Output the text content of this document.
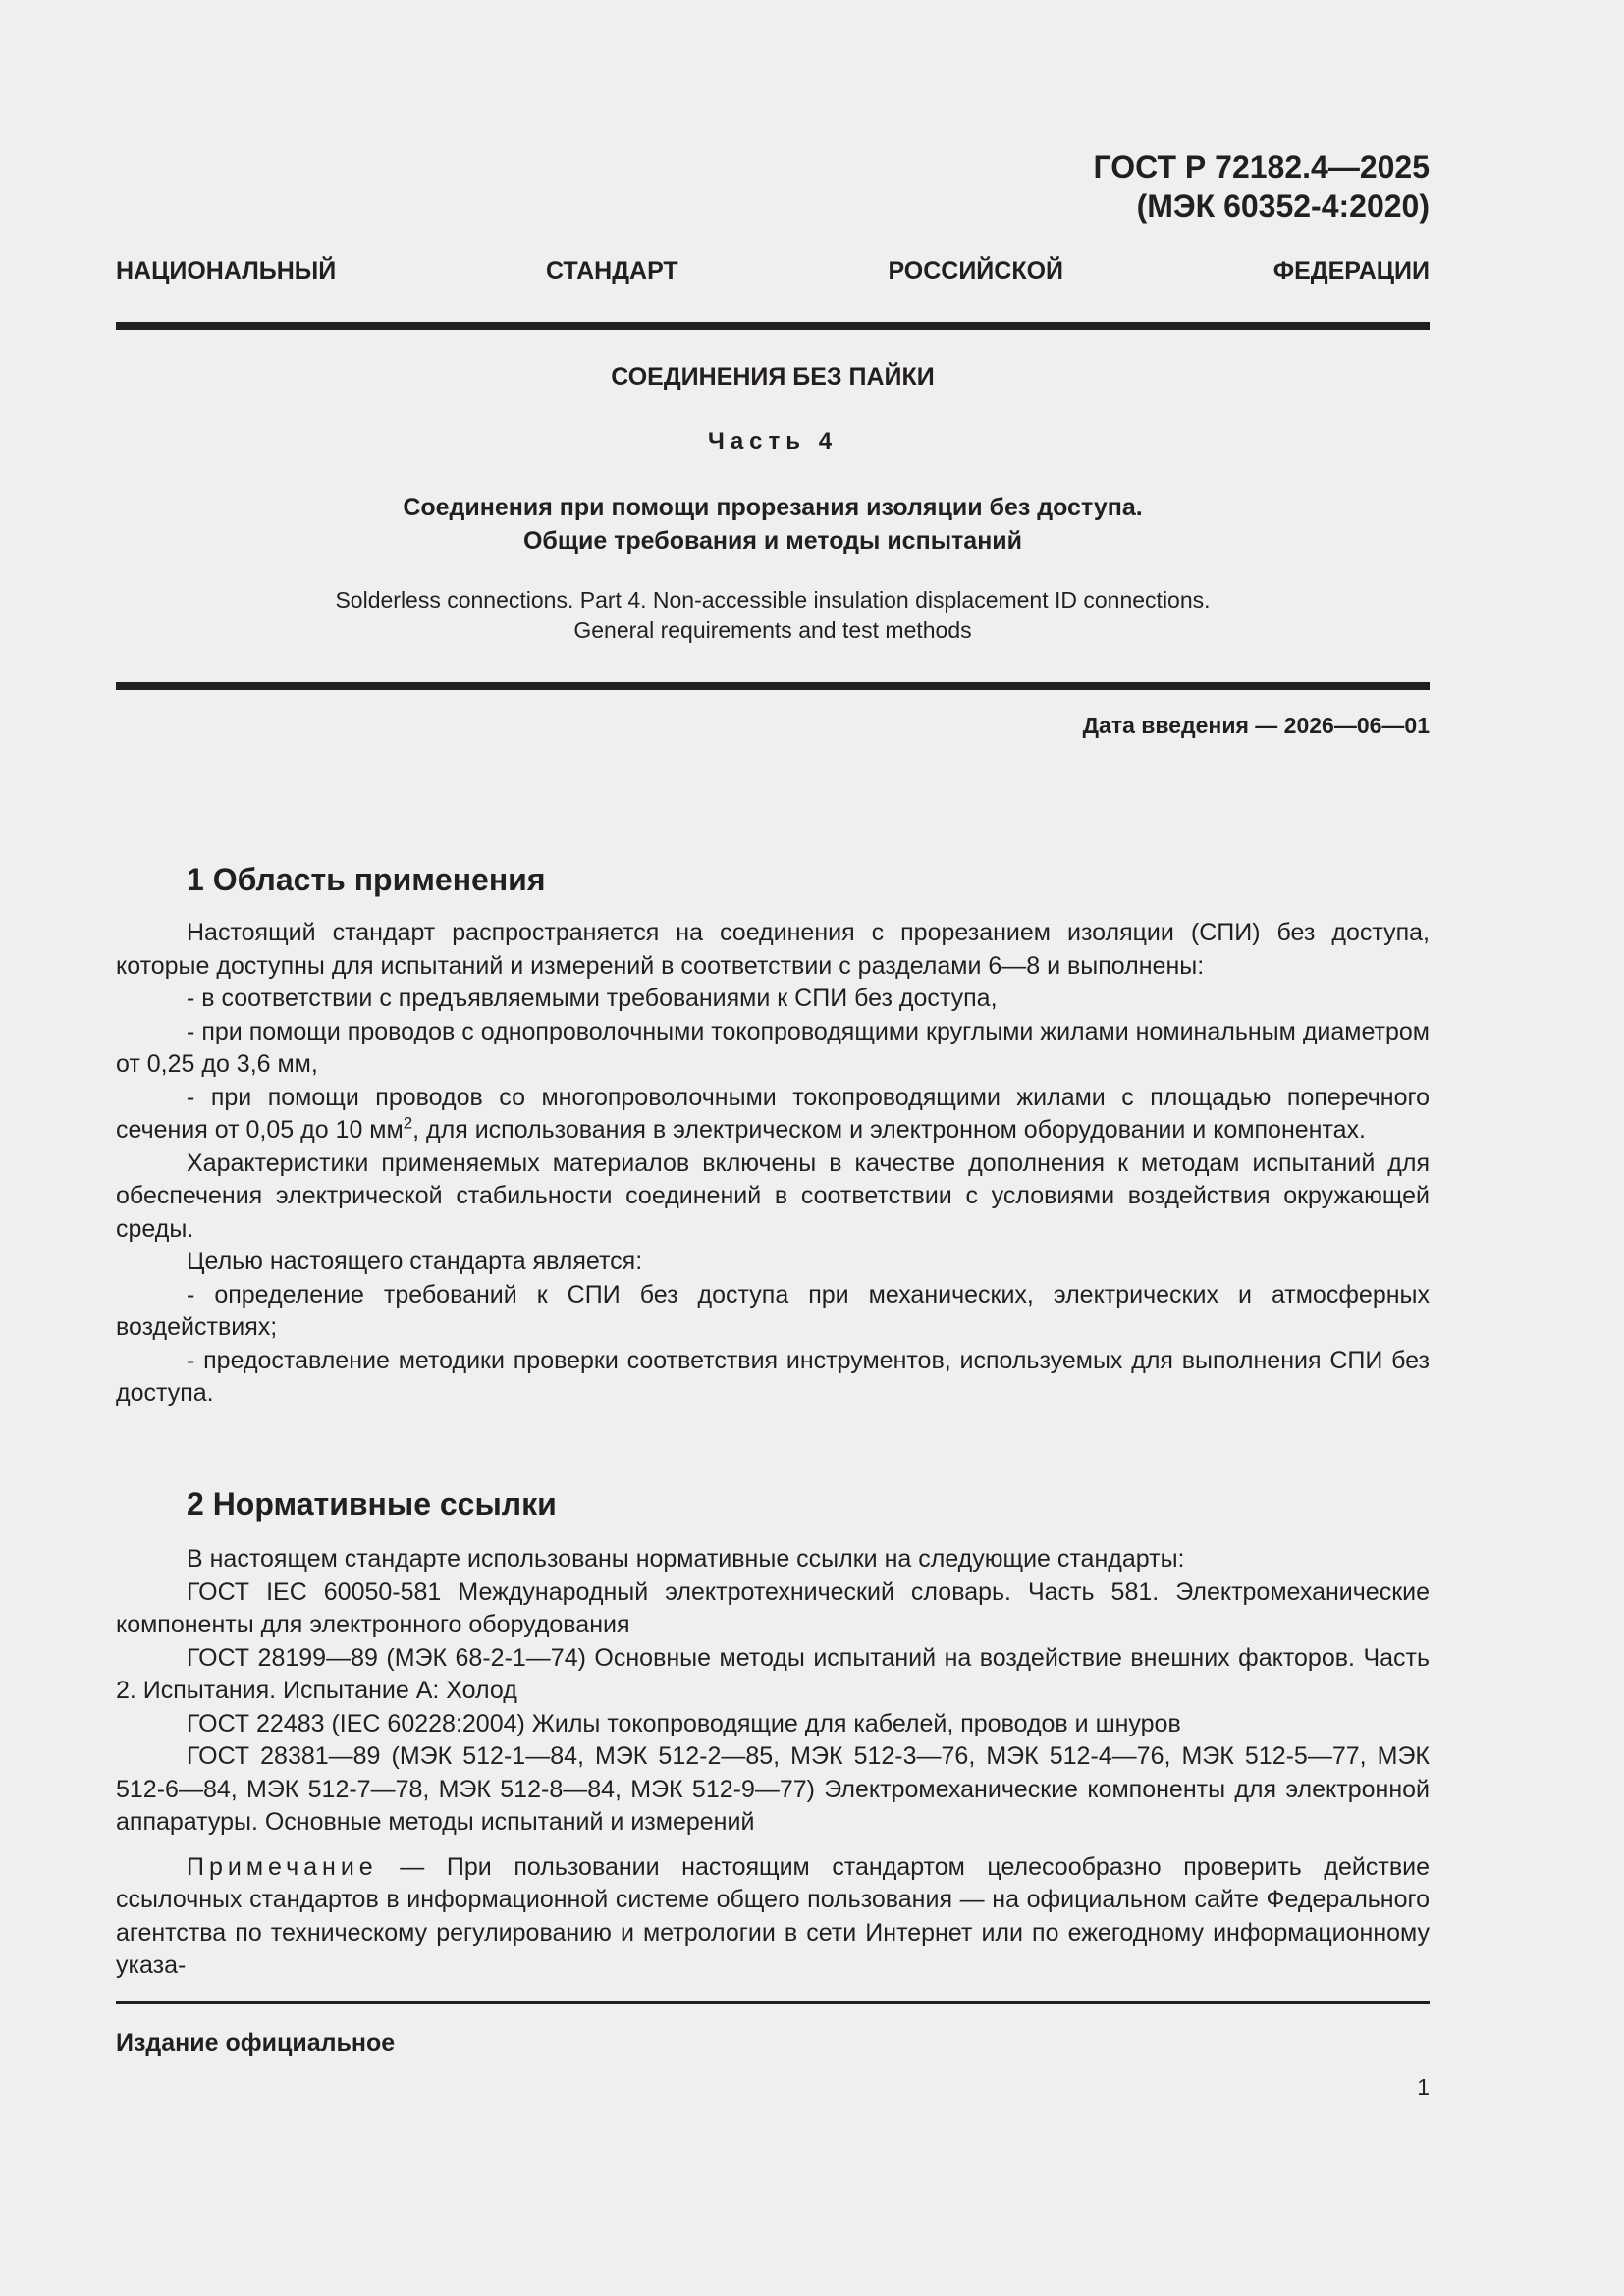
ГОСТ Р 72182.4—2025
(МЭК 60352-4:2020)
НАЦИОНАЛЬНЫЙ	СТАНДАРТ	РОССИЙСКОЙ	ФЕДЕРАЦИИ
СОЕДИНЕНИЯ БЕЗ ПАЙКИ
Часть 4
Соединения при помощи прорезания изоляции без доступа.
Общие требования и методы испытаний
Solderless connections. Part 4. Non-accessible insulation displacement ID connections.
General requirements and test methods
Дата введения — 2026—06—01
1 Область применения

Настоящий стандарт распространяется на соединения с прорезанием изоляции (СПИ) без доступа, которые доступны для испытаний и измерений в соответствии с разделами 6—8 и выполнены:

- в соответствии с предъявляемыми требованиями к СПИ без доступа,

- при помощи проводов с однопроволочными токопроводящими круглыми жилами номинальным диаметром от 0,25 до 3,6 мм,

- при помощи проводов со многопроволочными токопроводящими жилами с площадью поперечного сечения от 0,05 до 10 $мм^2$, для использования в электрическом и электронном оборудовании и компонентах.

Характеристики применяемых материалов включены в качестве дополнения к методам испытаний для обеспечения электрической стабильности соединений в соответствии с условиями воздействия окружающей среды.

Целью настоящего стандарта является:

- определение требований к СПИ без доступа при механических, электрических и атмосферных воздействиях;

- предоставление методики проверки соответствия инструментов, используемых для выполнения СПИ без доступа.

2 Нормативные ссылки

В настоящем стандарте использованы нормативные ссылки на следующие стандарты:

ГОСТ IEC 60050-581 Международный электротехнический словарь. Часть 581. Электромеханические компоненты для электронного оборудования

ГОСТ 28199—89 (МЭК 68-2-1—74) Основные методы испытаний на воздействие внешних факторов. Часть 2. Испытания. Испытание А: Холод

ГОСТ 22483 (IEC 60228:2004) Жилы токопроводящие для кабелей, проводов и шнуров

ГОСТ 28381—89 (МЭК 512-1—84, МЭК 512-2—85, МЭК 512-3—76, МЭК 512-4—76, МЭК 512-5—77, МЭК 512-6—84, МЭК 512-7—78, МЭК 512-8—84, МЭК 512-9—77) Электромеханические компоненты для электронной аппаратуры. Основные методы испытаний и измерений

Примечание — При пользовании настоящим стандартом целесообразно проверить действие ссылочных стандартов в информационной системе общего пользования — на официальном сайте Федерального агентства по техническому регулированию и метрологии в сети Интернет или по ежегодному информационному указа-

Издание официальное
1
